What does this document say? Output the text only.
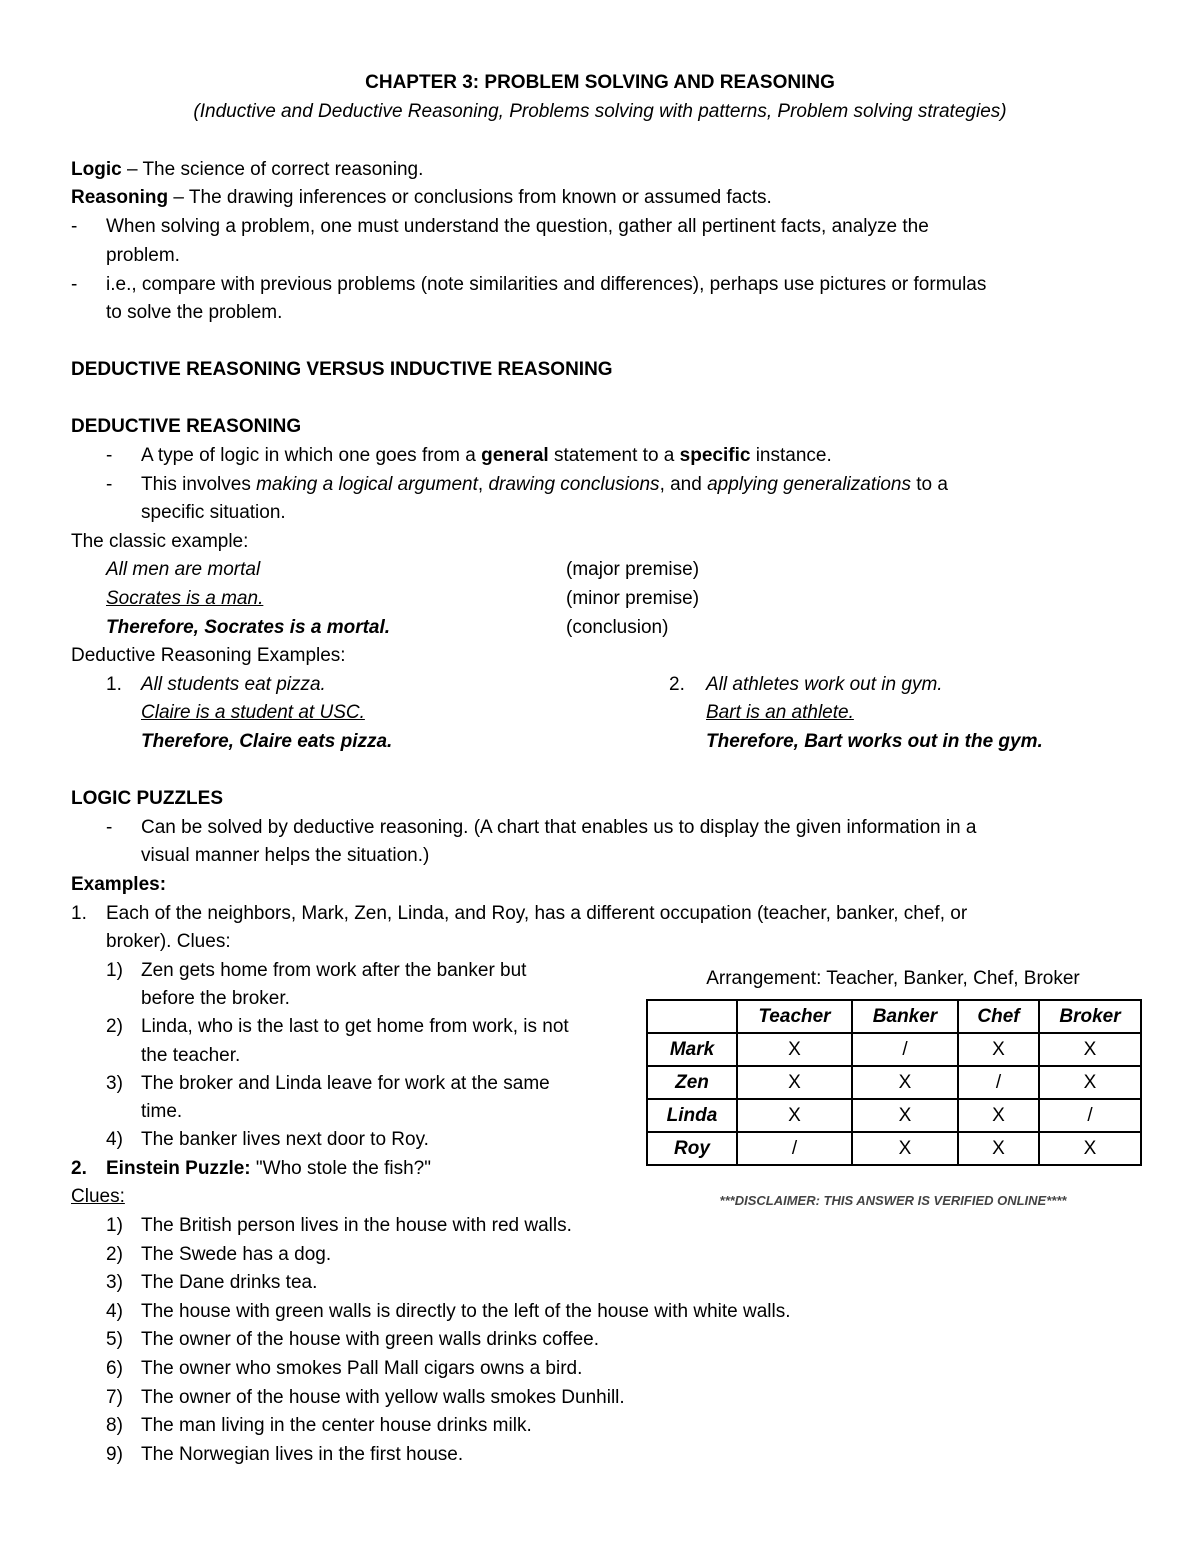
CHAPTER 3: PROBLEM SOLVING AND REASONING
(Inductive and Deductive Reasoning, Problems solving with patterns, Problem solving strategies)
Logic – The science of correct reasoning.
Reasoning – The drawing inferences or conclusions from known or assumed facts.
- When solving a problem, one must understand the question, gather all pertinent facts, analyze the
problem.
- i.e., compare with previous problems (note similarities and differences), perhaps use pictures or formulas
to solve the problem.
DEDUCTIVE REASONING VERSUS INDUCTIVE REASONING
DEDUCTIVE REASONING
- A type of logic in which one goes from a general statement to a specific instance.
- This involves making a logical argument, drawing conclusions, and applying generalizations to a
specific situation.
The classic example:
All men are mortal	(major premise)
Socrates is a man.	(minor premise)
Therefore, Socrates is a mortal.	(conclusion)
Deductive Reasoning Examples:
1. All students eat pizza.
Claire is a student at USC.
Therefore, Claire eats pizza.
2. All athletes work out in gym.
Bart is an athlete.
Therefore, Bart works out in the gym.
LOGIC PUZZLES
- Can be solved by deductive reasoning. (A chart that enables us to display the given information in a
visual manner helps the situation.)
Examples:
1. Each of the neighbors, Mark, Zen, Linda, and Roy, has a different occupation (teacher, banker, chef, or
broker). Clues:
1) Zen gets home from work after the banker but
before the broker.
2) Linda, who is the last to get home from work, is not
the teacher.
3) The broker and Linda leave for work at the same
time.
4) The banker lives next door to Roy.
2. Einstein Puzzle: "Who stole the fish?"
Clues:
1) The British person lives in the house with red walls.
2) The Swede has a dog.
3) The Dane drinks tea.
4) The house with green walls is directly to the left of the house with white walls.
5) The owner of the house with green walls drinks coffee.
6) The owner who smokes Pall Mall cigars owns a bird.
7) The owner of the house with yellow walls smokes Dunhill.
8) The man living in the center house drinks milk.
9) The Norwegian lives in the first house.
Arrangement: Teacher, Banker, Chef, Broker
	Teacher	Banker	Chef	Broker
Mark	X	/	X	X
Zen	X	X	/	X
Linda	X	X	X	/
Roy	/	X	X	X
***DISCLAIMER: THIS ANSWER IS VERIFIED ONLINE****
